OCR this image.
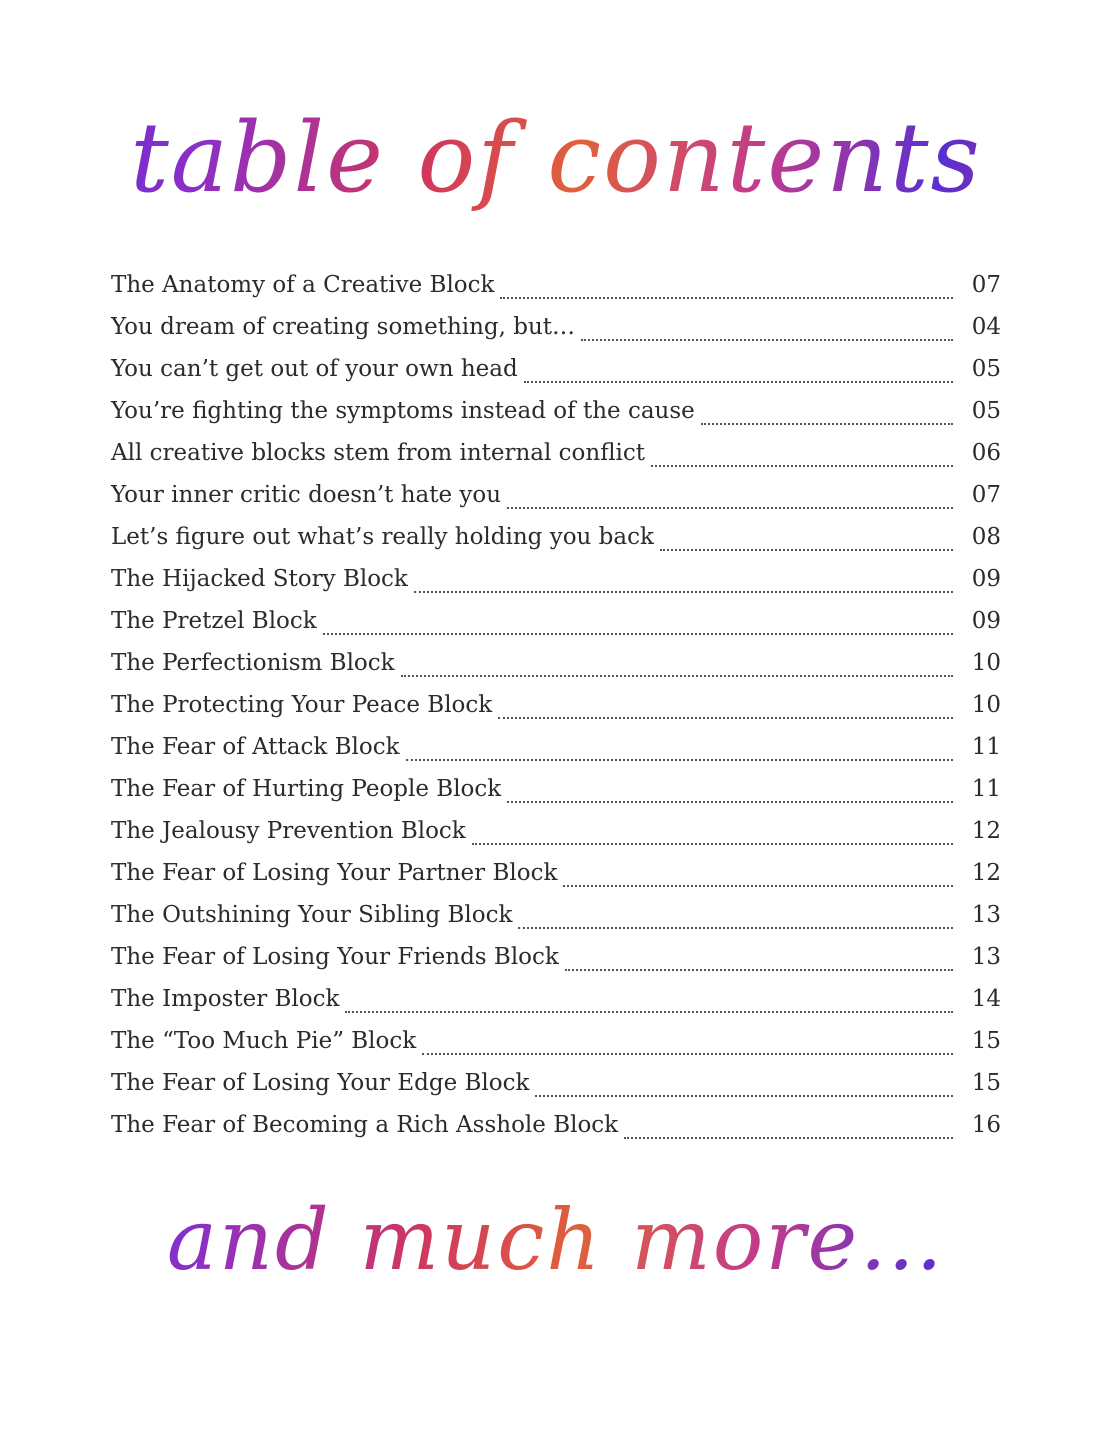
table of contents
The Anatomy of a Creative Block	07
You dream of creating something, but…	04
You can’t get out of your own head	05
You’re fighting the symptoms instead of the cause	05
All creative blocks stem from internal conflict	06
Your inner critic doesn’t hate you	07
Let’s figure out what’s really holding you back	08
The Hijacked Story Block	09
The Pretzel Block	09
The Perfectionism Block	10
The Protecting Your Peace Block	10
The Fear of Attack Block	11
The Fear of Hurting People Block	11
The Jealousy Prevention Block	12
The Fear of Losing Your Partner Block	12
The Outshining Your Sibling Block	13
The Fear of Losing Your Friends Block	13
The Imposter Block	14
The “Too Much Pie” Block	15
The Fear of Losing Your Edge Block	15
The Fear of Becoming a Rich Asshole Block	16
and much more…
